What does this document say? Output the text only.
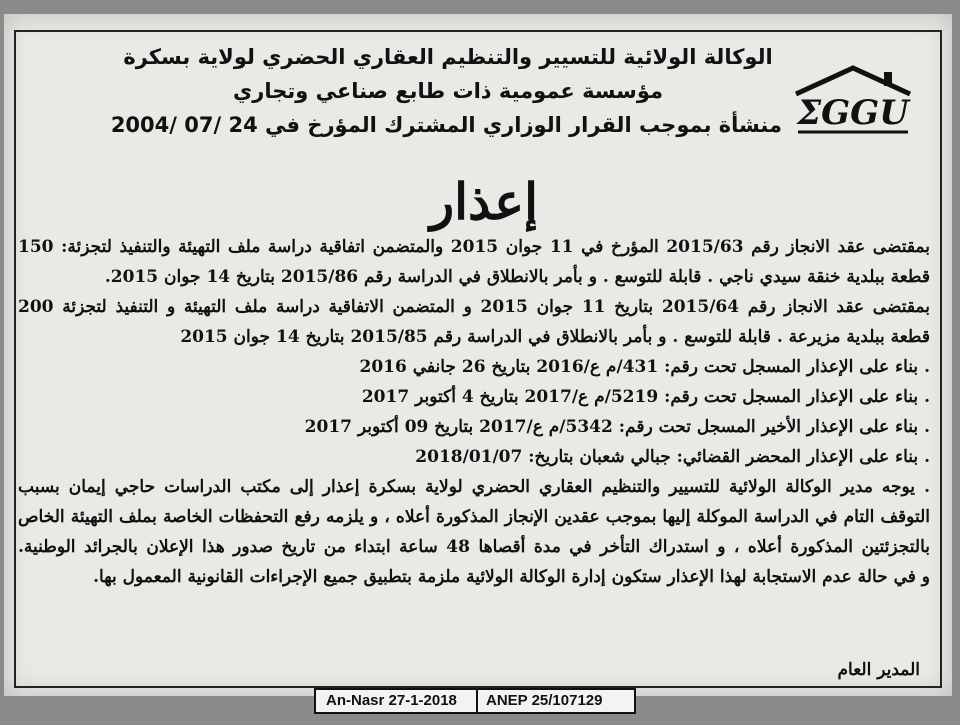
الوكالة الولائية للتسيير والتنظيم العقاري الحضري لولاية بسكرة
مؤسسة عمومية ذات طابع صناعي وتجاري
منشأة بموجب القرار الوزاري المشترك المؤرخ في 24 /07 /2004 ΣGGU
إعذار
بمقتضى عقد الانجاز رقم 2015/63 المؤرخ في 11 جوان 2015 والمتضمن اتفاقية دراسة ملف التهيئة والتنفيذ لتجزئة: 150
قطعة ببلدية خنقة سيدي ناجي . قابلة للتوسع . و بأمر بالانطلاق في الدراسة رقم 2015/86 بتاريخ 14 جوان 2015.
بمقتضى عقد الانجاز رقم 2015/64 بتاريخ 11 جوان 2015 و المتضمن الاتفاقية دراسة ملف التهيئة و التنفيذ لتجزئة 200
قطعة ببلدية مزيرعة . قابلة للتوسع . و بأمر بالانطلاق في الدراسة رقم 2015/85 بتاريخ 14 جوان 2015
. بناء على الإعذار المسجل تحت رقم: 431/م ع/2016 بتاريخ 26 جانفي 2016
. بناء على الإعذار المسجل تحت رقم: 5219/م ع/2017 بتاريخ 4 أكتوبر 2017
. بناء على الإعذار الأخير المسجل تحت رقم: 5342/م ع/2017 بتاريخ 09 أكتوبر 2017
. بناء على الإعذار المحضر القضائي: جبالي شعبان بتاريخ: 2018/01/07
. يوجه مدير الوكالة الولائية للتسيير والتنظيم العقاري الحضري لولاية بسكرة إعذار إلى مكتب الدراسات حاجي إيمان بسبب
التوقف التام في الدراسة الموكلة إليها بموجب عقدين الإنجاز المذكورة أعلاه ، و يلزمه رفع التحفظات الخاصة بملف التهيئة الخاص
بالتجزئتين المذكورة أعلاه ، و استدراك التأخر في مدة أقصاها 48 ساعة ابتداء من تاريخ صدور هذا الإعلان بالجرائد الوطنية.
و في حالة عدم الاستجابة لهذا الإعذار ستكون إدارة الوكالة الولائية ملزمة بتطبيق جميع الإجراءات القانونية المعمول بها.
المدير العام
An-Nasr 27-1-2018 ANEP 25/107129
